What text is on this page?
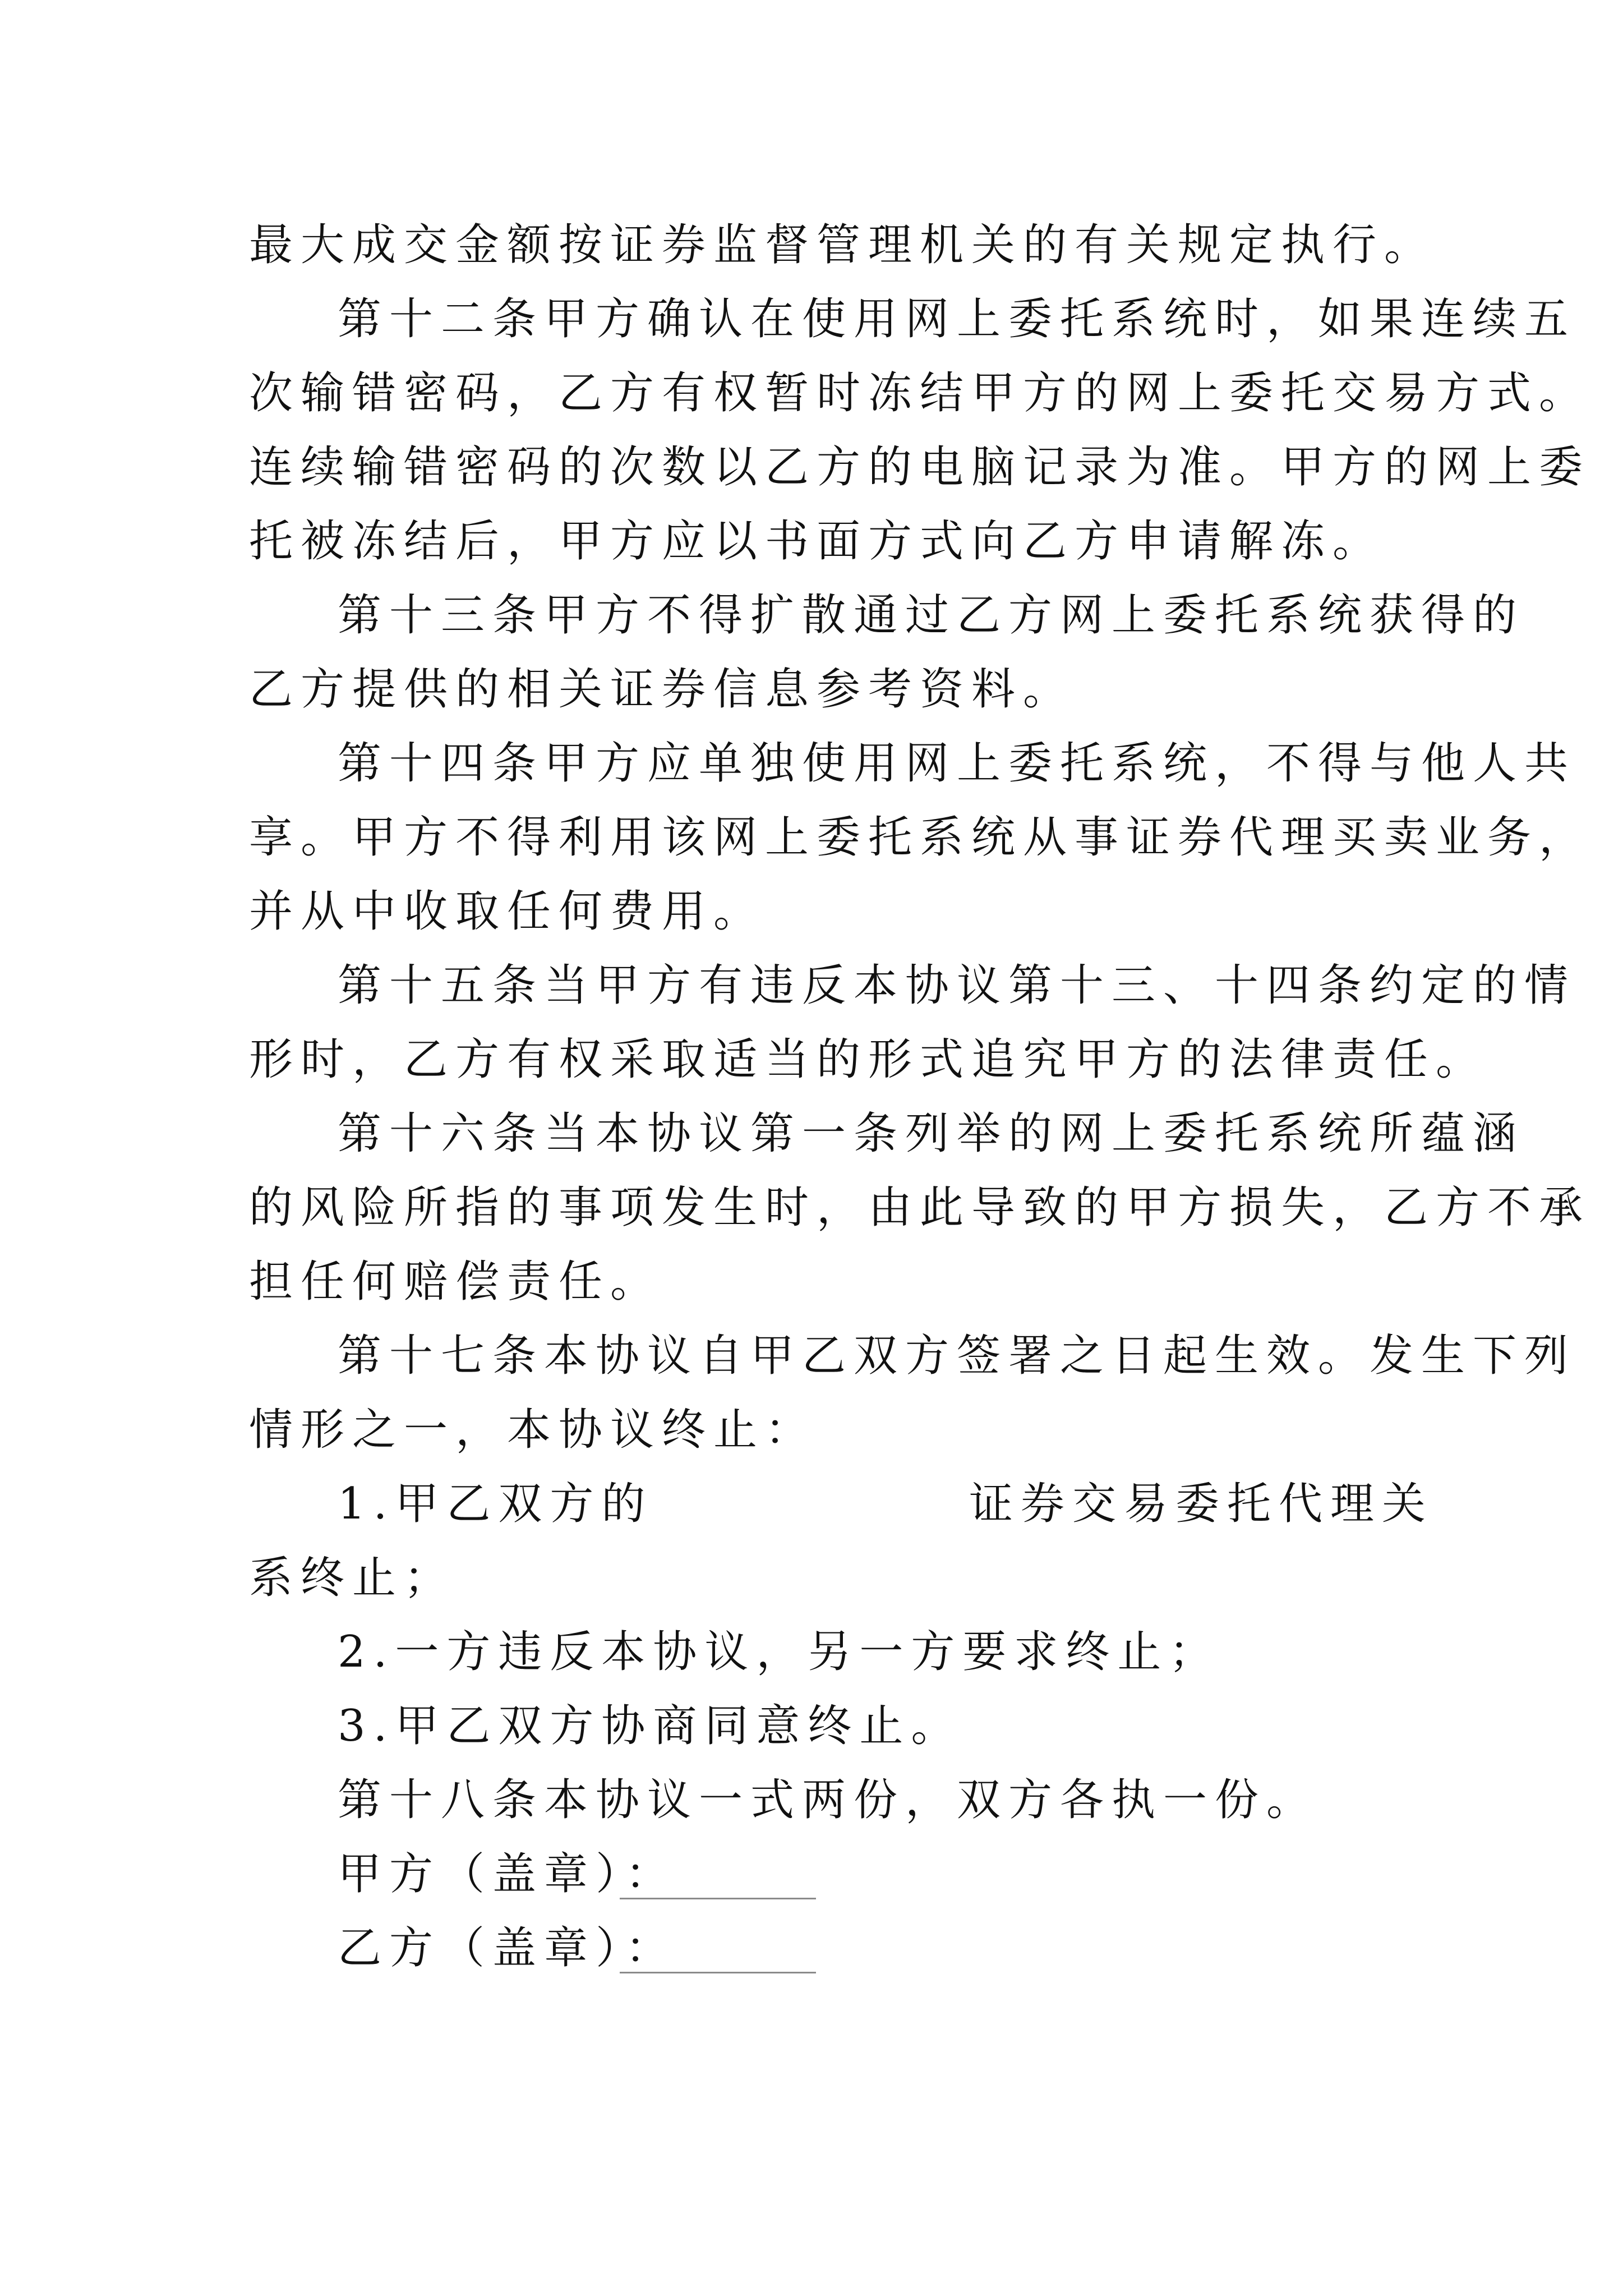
最大成交金额按证券监督管理机关的有关规定执行。
第十二条甲方确认在使用网上委托系统时，如果连续五
次输错密码，乙方有权暂时冻结甲方的网上委托交易方式。
连续输错密码的次数以乙方的电脑记录为准。甲方的网上委
托被冻结后，甲方应以书面方式向乙方申请解冻。
第十三条甲方不得扩散通过乙方网上委托系统获得的
乙方提供的相关证券信息参考资料。
第十四条甲方应单独使用网上委托系统，不得与他人共
享。甲方不得利用该网上委托系统从事证券代理买卖业务，
并从中收取任何费用。
第十五条当甲方有违反本协议第十三、十四条约定的情
形时，乙方有权采取适当的形式追究甲方的法律责任。
第十六条当本协议第一条列举的网上委托系统所蕴涵
的风险所指的事项发生时，由此导致的甲方损失，乙方不承
担任何赔偿责任。
第十七条本协议自甲乙双方签署之日起生效。发生下列
情形之一，本协议终止：
1.甲乙双方的	证券交易委托代理关
系终止；
2.一方违反本协议，另一方要求终止；
3.甲乙双方协商同意终止。
第十八条本协议一式两份，双方各执一份。
甲方（盖章）：
乙方（盖章）：
